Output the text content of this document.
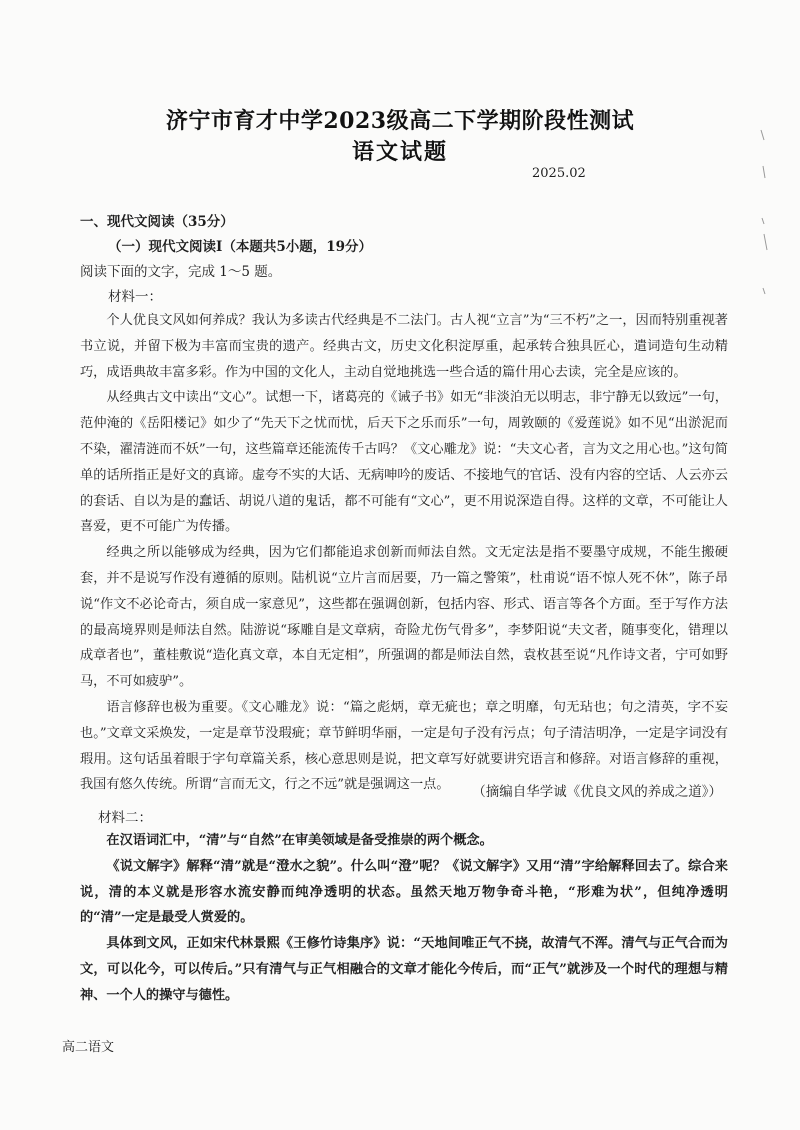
济宁市育才中学2023级高二下学期阶段性测试
语文试题
2025.02
一、现代文阅读（35分）
（一）现代文阅读Ⅰ（本题共5小题，19分）
阅读下面的文字，完成 1～5 题。
材料一：

个人优良文风如何养成？我认为多读古代经典是不二法门。古人视“立言”为“三不朽”之一，因而特别重视著书立说，并留下极为丰富而宝贵的遗产。经典古文，历史文化积淀厚重，起承转合独具匠心，遣词造句生动精巧，成语典故丰富多彩。作为中国的文化人，主动自觉地挑选一些合适的篇什用心去读，完全是应该的。

从经典古文中读出“文心”。试想一下，诸葛亮的《诫子书》如无“非淡泊无以明志，非宁静无以致远”一句，范仲淹的《岳阳楼记》如少了“先天下之忧而忧，后天下之乐而乐”一句，周敦颐的《爱莲说》如不见“出淤泥而不染，濯清涟而不妖”一句，这些篇章还能流传千古吗？《文心雕龙》说：“夫文心者，言为文之用心也。”这句简单的话所指正是好文的真谛。虚夸不实的大话、无病呻吟的废话、不接地气的官话、没有内容的空话、人云亦云的套话、自以为是的蠢话、胡说八道的鬼话，都不可能有“文心”，更不用说深造自得。这样的文章，不可能让人喜爱，更不可能广为传播。

经典之所以能够成为经典，因为它们都能追求创新而师法自然。文无定法是指不要墨守成规，不能生搬硬套，并不是说写作没有遵循的原则。陆机说“立片言而居要，乃一篇之警策”，杜甫说“语不惊人死不休”，陈子昂说“作文不必论奇古，须自成一家意见”，这些都在强调创新，包括内容、形式、语言等各个方面。至于写作方法的最高境界则是师法自然。陆游说“琢雕自是文章病，奇险尤伤气骨多”，李梦阳说“夫文者，随事变化，错理以成章者也”，董桂敷说“造化真文章，本自无定相”，所强调的都是师法自然，袁枚甚至说“凡作诗文者，宁可如野马，不可如疲驴”。

语言修辞也极为重要。《文心雕龙》说：“篇之彪炳，章无疵也；章之明靡，句无玷也；句之清英，字不妄也。”文章文采焕发，一定是章节没瑕疵；章节鲜明华丽，一定是句子没有污点；句子清洁明净，一定是字词没有瑕用。这句话虽着眼于字句章篇关系，核心意思则是说，把文章写好就要讲究语言和修辞。对语言修辞的重视，我国有悠久传统。所谓“言而无文，行之不远”就是强调这一点。	（摘编自华学诚《优良文风的养成之道》）
材料二：

在汉语词汇中，“清”与“自然”在审美领域是备受推崇的两个概念。

《说文解字》解释“清”就是“澄水之貌”。什么叫“澄”呢？《说文解字》又用“清”字给解释回去了。综合来说，清的本义就是形容水流安静而纯净透明的状态。虽然天地万物争奇斗艳，“形难为状”，但纯净透明的“清”一定是最受人赏爱的。

具体到文风，正如宋代林景熙《王修竹诗集序》说：“天地间唯正气不挠，故清气不浑。清气与正气合而为文，可以化今，可以传后。”只有清气与正气相融合的文章才能化今传后，而“正气”就涉及一个时代的理想与精神、一个人的操守与德性。

高二语文
